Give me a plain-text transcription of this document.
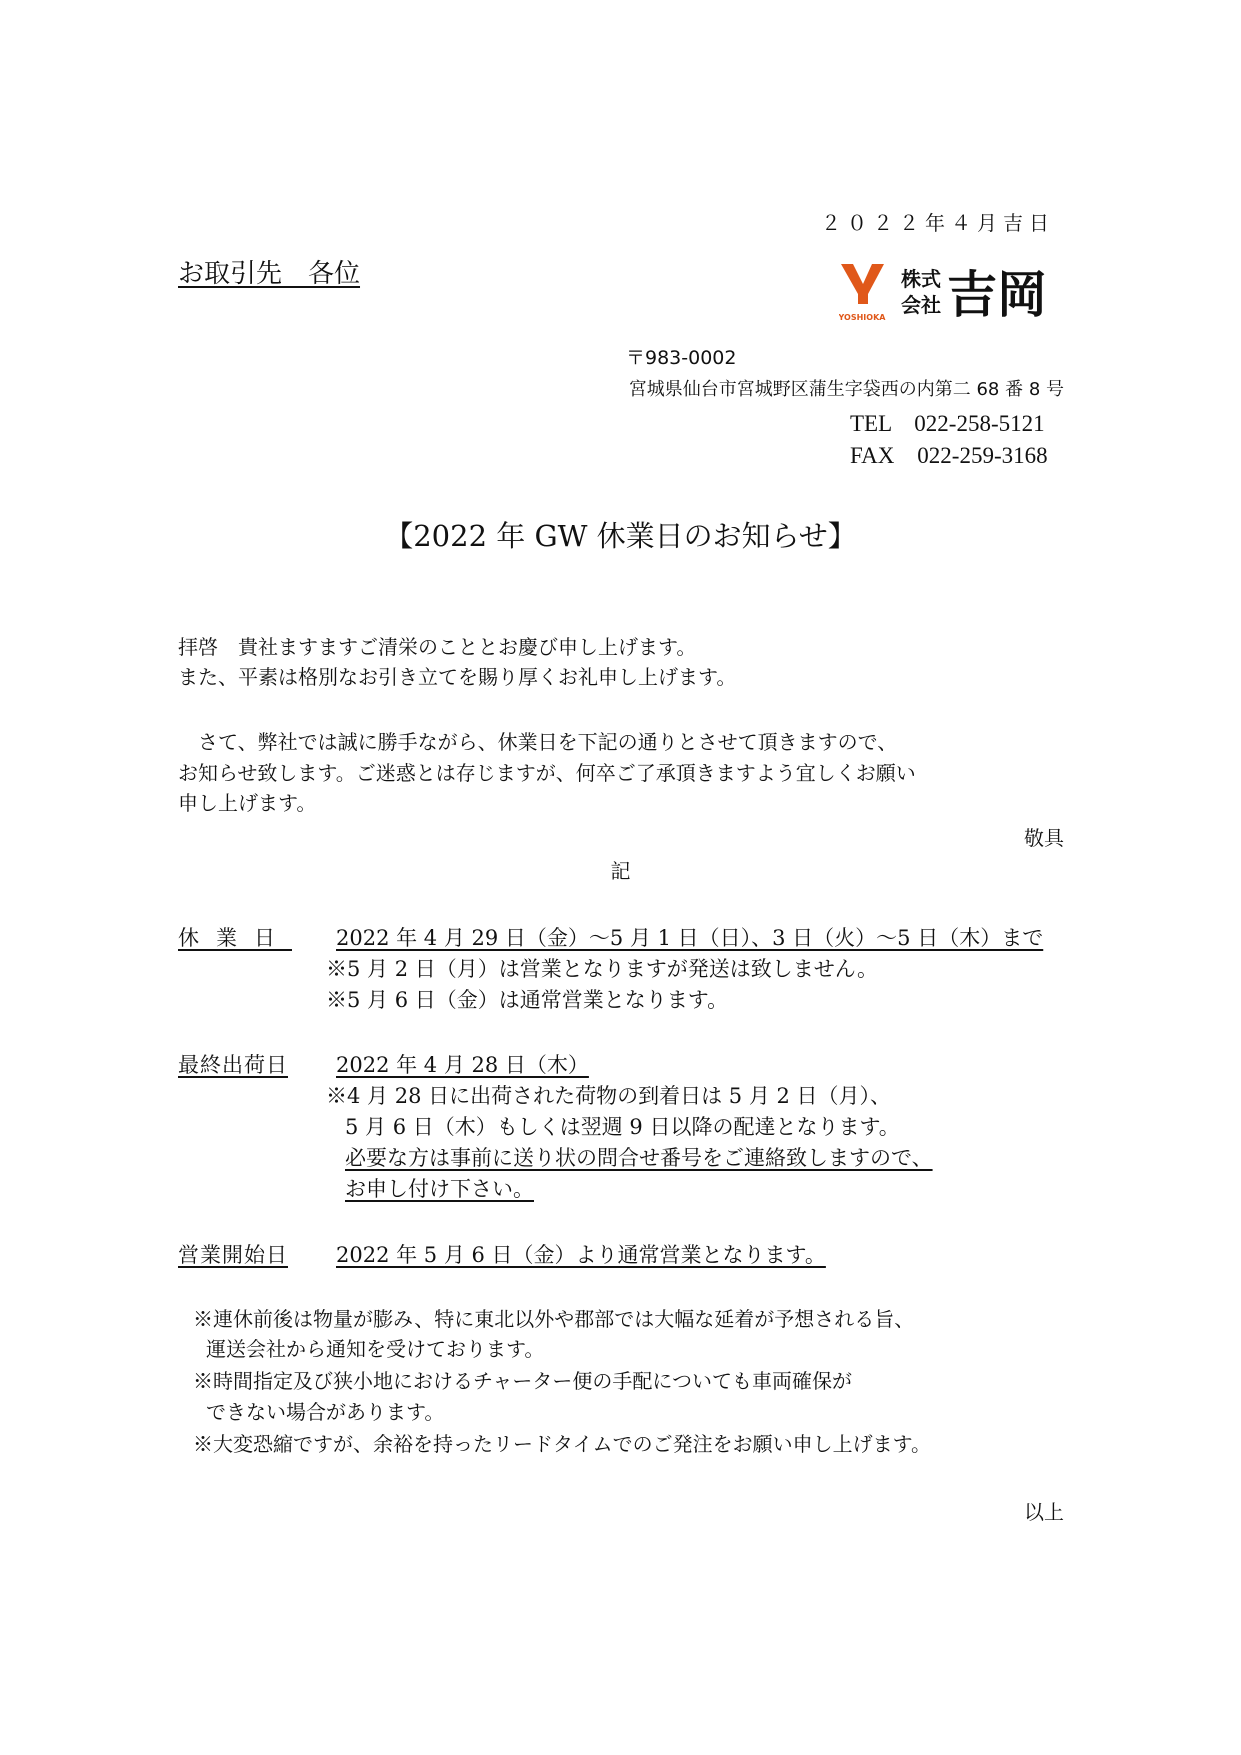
２０２２年４月吉日
お取引先　各位
YOSHIOKA
株式
会社 吉岡
〒983-0002
宮城県仙台市宮城野区蒲生字袋西の内第二 68 番 8 号
TEL　022-258-5121
FAX　022-259-3168
【2022 年 GW 休業日のお知らせ】
拝啓　貴社ますますご清栄のこととお慶び申し上げます。
また、平素は格別なお引き立てを賜り厚くお礼申し上げます。
　さて、弊社では誠に勝手ながら、休業日を下記の通りとさせて頂きますので、
お知らせ致します。ご迷惑とは存じますが、何卒ご了承頂きますよう宜しくお願い
申し上げます。
敬具
記
休業日 2022 年 4 月 29 日（金）～5 月 1 日（日）、3 日（火）～5 日（木）まで
※5 月 2 日（月）は営業となりますが発送は致しません。
※5 月 6 日（金）は通常営業となります。
最終出荷日 2022 年 4 月 28 日（木）
※4 月 28 日に出荷された荷物の到着日は 5 月 2 日（月）、
5 月 6 日（木）もしくは翌週 9 日以降の配達となります。
必要な方は事前に送り状の問合せ番号をご連絡致しますので、
お申し付け下さい。
営業開始日 2022 年 5 月 6 日（金）より通常営業となります。
※連休前後は物量が膨み、特に東北以外や郡部では大幅な延着が予想される旨、
運送会社から通知を受けております。
※時間指定及び狭小地におけるチャーター便の手配についても車両確保が
できない場合があります。
※大変恐縮ですが、余裕を持ったリードタイムでのご発注をお願い申し上げます。
以上
